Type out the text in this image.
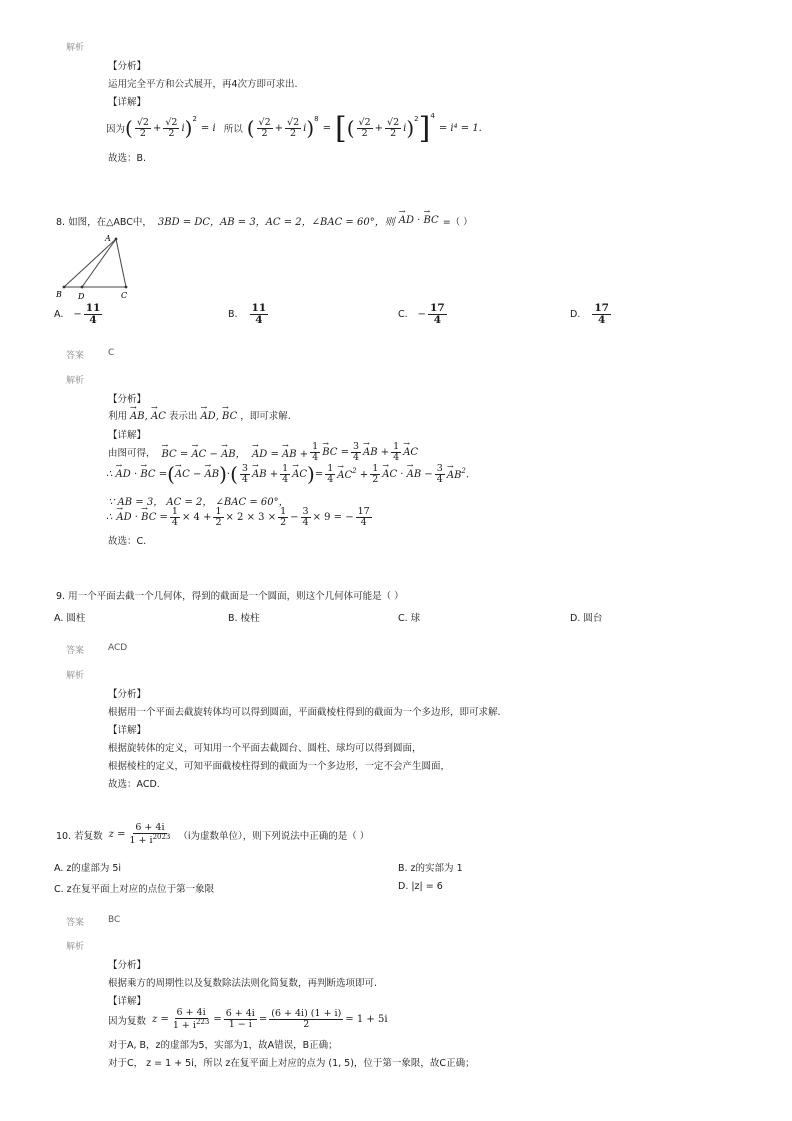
解析
【分析】
运用完全平方和公式展开，再4次方即可求出.
【详解】
因为 ( $\frac{√2}{2} + \frac{√2}{2}$ i ) 2
= i 所以 ( $\frac{√2}{2} + \frac{√2}{2}$ i ) 8
= [ ( $\frac{√2}{2} + \frac{√2}{2}$ i ) 2 ] 4
= i⁴ = 1.
故选：B.
8. 如图，在△ABC中， 3BD = DC，AB = 3，AC = 2，∠BAC = 60°，则
→ AD · → BC =（ ）
A
B D	C
A. − $\frac{11}{4}$	B. $\frac{11}{4}$	C. − $\frac{17}{4}$	D. $\frac{17}{4}$
答案	C
解析
【分析】
利用 → AB, → AC 表示出 → AD, → BC ，即可求解.
【详解】
由图可得，
→ BC = → AC − → AB，  → AD = → AB + $\frac{1}{4}$
→ BC = $\frac{3}{4}$
→ AB + $\frac{1}{4}$
→ AC
∴ → AD · → BC = (
→ AC − → AB ) · ( $\frac{3}{4}$
→ AB + $\frac{1}{4}$
→ AC ) = $\frac{1}{4}$
→ $AC^2 + \frac{1}{2}$
→ AC · → AB − $\frac{3}{4}$
→ $AB^2$.
∵ AB = 3， AC = 2， ∠BAC = 60°，
∴
→ AD · → BC = $\frac{1}{4} \times 4 + \frac{1}{2} \times 2 \times 3 \times \frac{1}{2} - \frac{3}{4} \times 9$ = − $\frac{17}{4}$
故选：C.
9. 用一个平面去截一个几何体，得到的截面是一个圆面，则这个几何体可能是（ ）
A. 圆柱	B. 棱柱	C. 球	D. 圆台
答案	ACD
解析
【分析】
根据用一个平面去截旋转体均可以得到圆面，平面截棱柱得到的截面为一个多边形，即可求解.
【详解】
根据旋转体的定义，可知用一个平面去截圆台、圆柱、球均可以得到圆面，
根据棱柱的定义，可知平面截棱柱得到的截面为一个多边形，一定不会产生圆面，
故选：ACD.
10. 若复数 $z = \frac{6 + 4i}{1 + i^{2023}} (i$为虚数单位），则下列说法中正确的是（ ）
A. z的虚部为 5i	B. z的实部为 1
C. z在复平面上对应的点位于第一象限	D. |z| = 6
答案	BC
解析
【分析】
根据乘方的周期性以及复数除法法则化简复数，再判断选项即可.
【详解】
因为复数 $z = \frac{6 + 4i}{1 + i^{223}} = \frac{6 + 4i}{1 - i} = \frac{(6 + 4i) (1 + i)}{2} = 1 + 5i$
对于A, B，z的虚部为5，实部为1，故A错误，B正确；
对于C， z = 1 + 5i，所以 z在复平面上对应的点为 (1, 5)，位于第一象限，故C正确；
